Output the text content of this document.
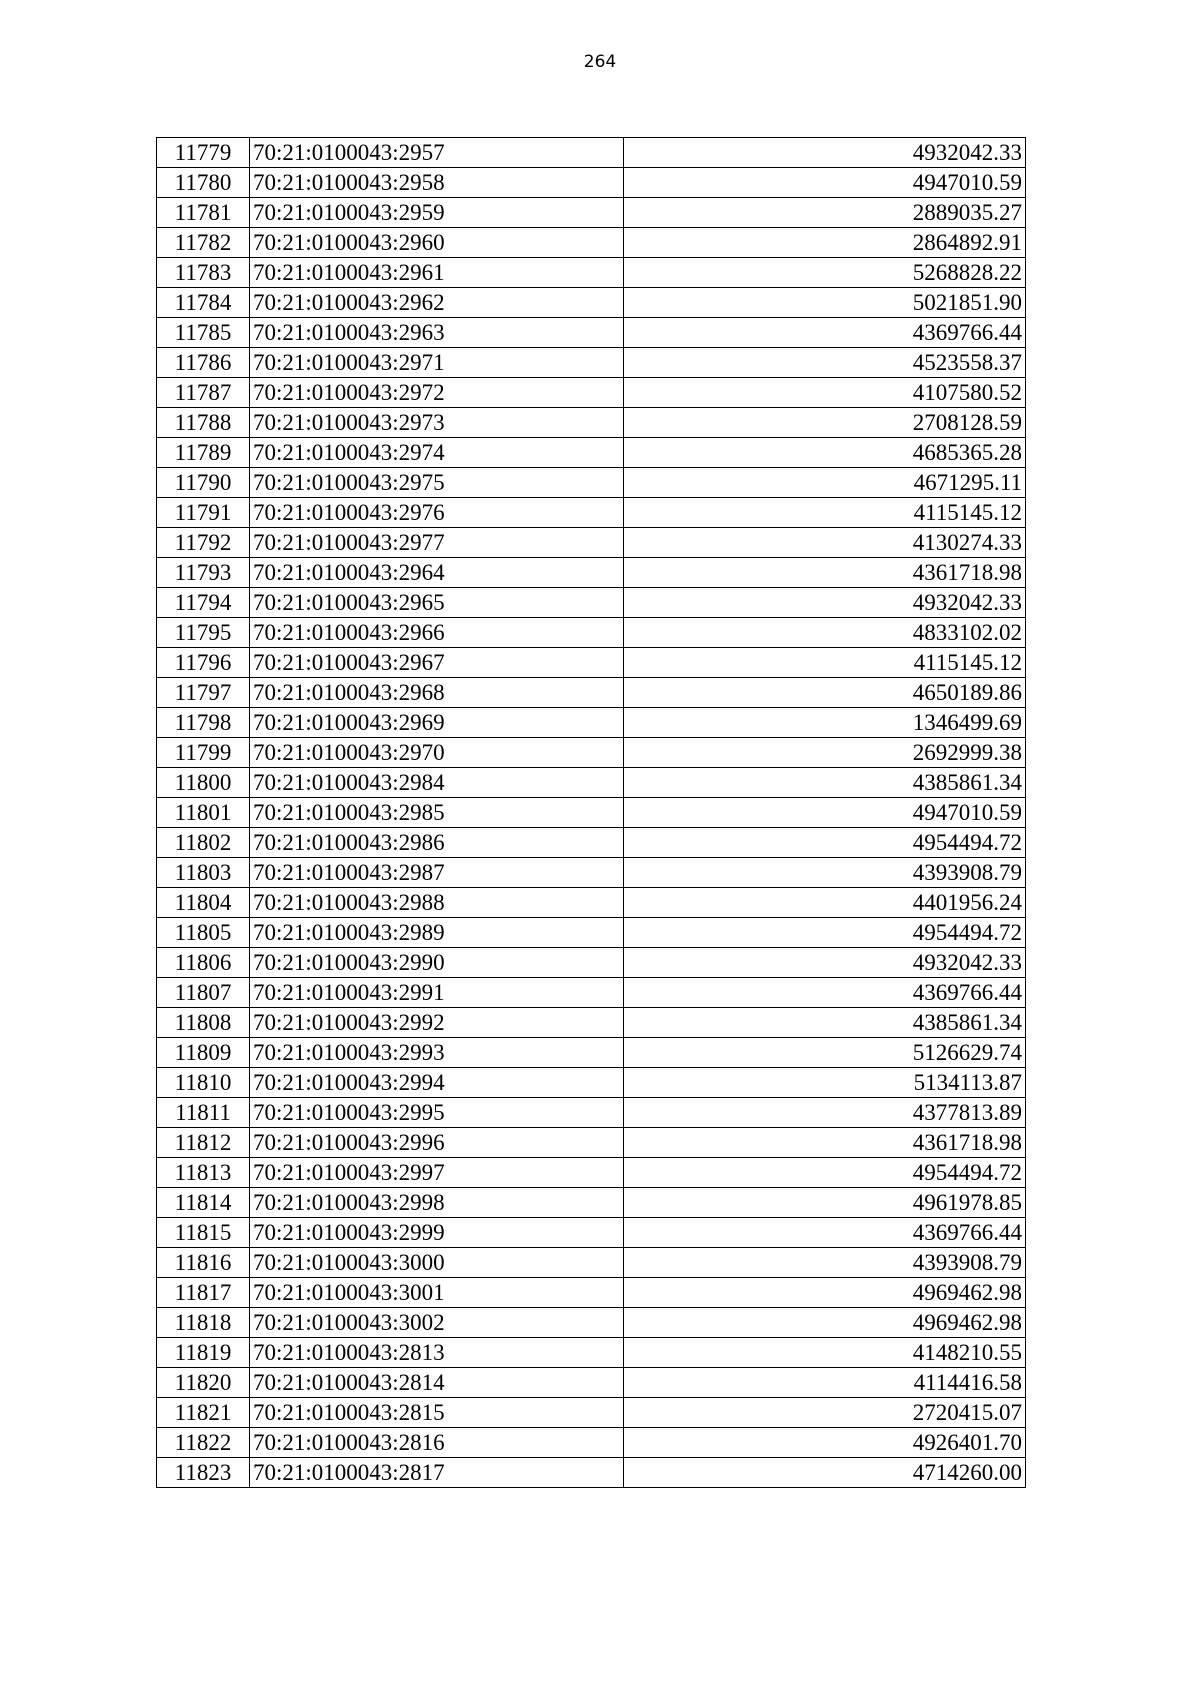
264
11779	70:21:0100043:2957	4932042.33
11780	70:21:0100043:2958	4947010.59
11781	70:21:0100043:2959	2889035.27
11782	70:21:0100043:2960	2864892.91
11783	70:21:0100043:2961	5268828.22
11784	70:21:0100043:2962	5021851.90
11785	70:21:0100043:2963	4369766.44
11786	70:21:0100043:2971	4523558.37
11787	70:21:0100043:2972	4107580.52
11788	70:21:0100043:2973	2708128.59
11789	70:21:0100043:2974	4685365.28
11790	70:21:0100043:2975	4671295.11
11791	70:21:0100043:2976	4115145.12
11792	70:21:0100043:2977	4130274.33
11793	70:21:0100043:2964	4361718.98
11794	70:21:0100043:2965	4932042.33
11795	70:21:0100043:2966	4833102.02
11796	70:21:0100043:2967	4115145.12
11797	70:21:0100043:2968	4650189.86
11798	70:21:0100043:2969	1346499.69
11799	70:21:0100043:2970	2692999.38
11800	70:21:0100043:2984	4385861.34
11801	70:21:0100043:2985	4947010.59
11802	70:21:0100043:2986	4954494.72
11803	70:21:0100043:2987	4393908.79
11804	70:21:0100043:2988	4401956.24
11805	70:21:0100043:2989	4954494.72
11806	70:21:0100043:2990	4932042.33
11807	70:21:0100043:2991	4369766.44
11808	70:21:0100043:2992	4385861.34
11809	70:21:0100043:2993	5126629.74
11810	70:21:0100043:2994	5134113.87
11811	70:21:0100043:2995	4377813.89
11812	70:21:0100043:2996	4361718.98
11813	70:21:0100043:2997	4954494.72
11814	70:21:0100043:2998	4961978.85
11815	70:21:0100043:2999	4369766.44
11816	70:21:0100043:3000	4393908.79
11817	70:21:0100043:3001	4969462.98
11818	70:21:0100043:3002	4969462.98
11819	70:21:0100043:2813	4148210.55
11820	70:21:0100043:2814	4114416.58
11821	70:21:0100043:2815	2720415.07
11822	70:21:0100043:2816	4926401.70
11823	70:21:0100043:2817	4714260.00
